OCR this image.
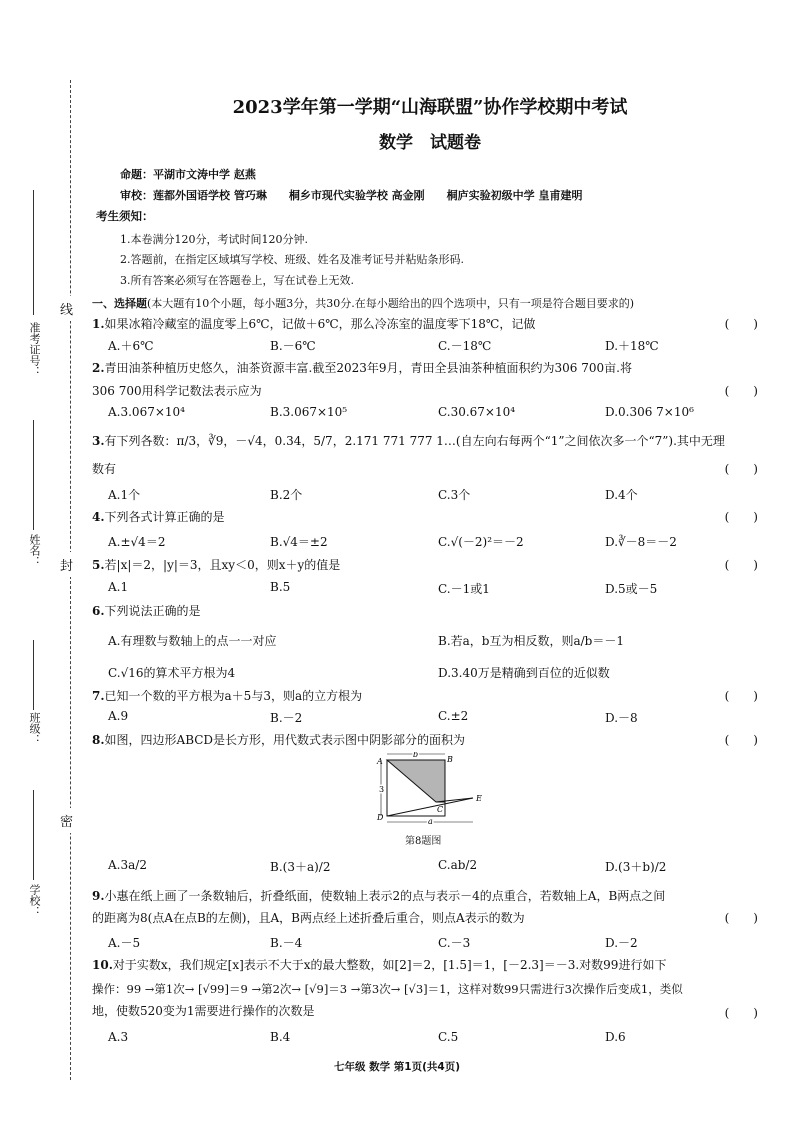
线
封
密
准考证号：
姓名：
班级：
学校：
2023学年第一学期“山海联盟”协作学校期中考试
数学　试题卷
命题：平湖市文涛中学 赵燕
审校：莲都外国语学校 管巧琳　　桐乡市现代实验学校 高金刚　　桐庐实验初级中学 皇甫建明
考生须知：
1.本卷满分120分，考试时间120分钟.
2.答题前，在指定区域填写学校、班级、姓名及准考证号并粘贴条形码.
3.所有答案必须写在答题卷上，写在试卷上无效.
一、选择题(本大题有10个小题，每小题3分，共30分.在每小题给出的四个选项中，只有一项是符合题目要求的)
1.如果冰箱冷藏室的温度零上6℃，记做＋6℃，那么冷冻室的温度零下18℃，记做	(　　)
A.＋6℃	B.－6℃	C.－18℃	D.＋18℃
2.青田油茶种植历史悠久，油茶资源丰富.截至2023年9月，青田全县油茶种植面积约为306 700亩.将
306 700用科学记数法表示应为	(　　)
A.3.067×10⁴	B.3.067×10⁵	C.30.67×10⁴	D.0.306 7×10⁶
3.有下列各数：π/3，∛9，－√4，0.34，5/7，2.171 771 777 1…(自左向右每两个“1”之间依次多一个“7”).其中无理
数有	(　　)
A.1个	B.2个	C.3个	D.4个
4.下列各式计算正确的是	(　　)
A.±√4＝2	B.√4＝±2	C.√(－2)²＝－2	D.∛－8＝－2
5.若|x|＝2，|y|＝3，且xy＜0，则x＋y的值是	(　　)
A.1	B.5	C.－1或1	D.5或－5
6.下列说法正确的是
A.有理数与数轴上的点一一对应	B.若a，b互为相反数，则a/b＝－1
C.√16的算术平方根为4	D.3.40万是精确到百位的近似数
7.已知一个数的平方根为a＋5与3，则a的立方根为	(　　)
A.9	B.－2	C.±2	D.－8
8.如图，四边形ABCD是长方形，用代数式表示图中阴影部分的面积为	(　　)
A	B
C
D
E
b
a
3
第8题图
A.3a/2	B.(3＋a)/2	C.ab/2	D.(3＋b)/2
9.小惠在纸上画了一条数轴后，折叠纸面，使数轴上表示2的点与表示－4的点重合，若数轴上A，B两点之间
的距离为8(点A在点B的左侧)，且A，B两点经上述折叠后重合，则点A表示的数为	(　　)
A.－5	B.－4	C.－3	D.－2
10.对于实数x，我们规定[x]表示不大于x的最大整数，如[2]＝2，[1.5]＝1，[－2.3]＝－3.对数99进行如下
操作：99 →第1次→ [√99]＝9 →第2次→ [√9]＝3 →第3次→ [√3]＝1，这样对数99只需进行3次操作后变成1，类似
地，使数520变为1需要进行操作的次数是	(　　)
A.3	B.4	C.5	D.6
七年级 数学 第1页(共4页)
